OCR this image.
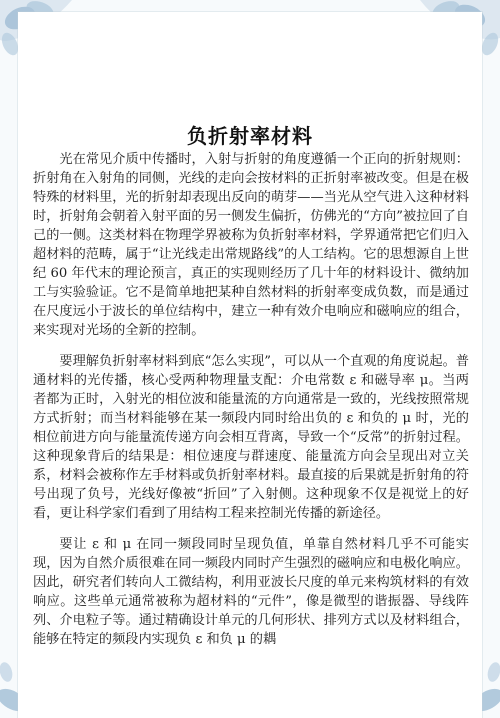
负折射率材料

光在常见介质中传播时，入射与折射的角度遵循一个正向的折射规则：折射角在入射角的同侧，光线的走向会按材料的正折射率被改变。但是在极特殊的材料里，光的折射却表现出反向的萌芽——当光从空气进入这种材料时，折射角会朝着入射平面的另一侧发生偏折，仿佛光的“方向”被拉回了自己的一侧。这类材料在物理学界被称为负折射率材料，学界通常把它们归入超材料的范畴，属于“让光线走出常规路线”的人工结构。它的思想源自上世纪 60 年代末的理论预言，真正的实现则经历了几十年的材料设计、微纳加工与实验验证。它不是简单地把某种自然材料的折射率变成负数，而是通过在尺度远小于波长的单位结构中，建立一种有效介电响应和磁响应的组合，来实现对光场的全新的控制。

要理解负折射率材料到底“怎么实现”，可以从一个直观的角度说起。普通材料的光传播，核心受两种物理量支配：介电常数 ε 和磁导率 μ。当两者都为正时，入射光的相位波和能量流的方向通常是一致的，光线按照常规方式折射；而当材料能够在某一频段内同时给出负的 ε 和负的 μ 时，光的相位前进方向与能量流传递方向会相互背离，导致一个“反常”的折射过程。这种现象背后的结果是：相位速度与群速度、能量流方向会呈现出对立关系，材料会被称作左手材料或负折射率材料。最直接的后果就是折射角的符号出现了负号，光线好像被“折回”了入射侧。这种现象不仅是视觉上的好看，更让科学家们看到了用结构工程来控制光传播的新途径。

要让 ε 和 μ 在同一频段同时呈现负值，单靠自然材料几乎不可能实现，因为自然介质很难在同一频段内同时产生强烈的磁响应和电极化响应。因此，研究者们转向人工微结构，利用亚波长尺度的单元来构筑材料的有效响应。这些单元通常被称为超材料的“元件”，像是微型的谐振器、导线阵列、介电粒子等。通过精确设计单元的几何形状、排列方式以及材料组合，能够在特定的频段内实现负 ε 和负 μ 的耦
